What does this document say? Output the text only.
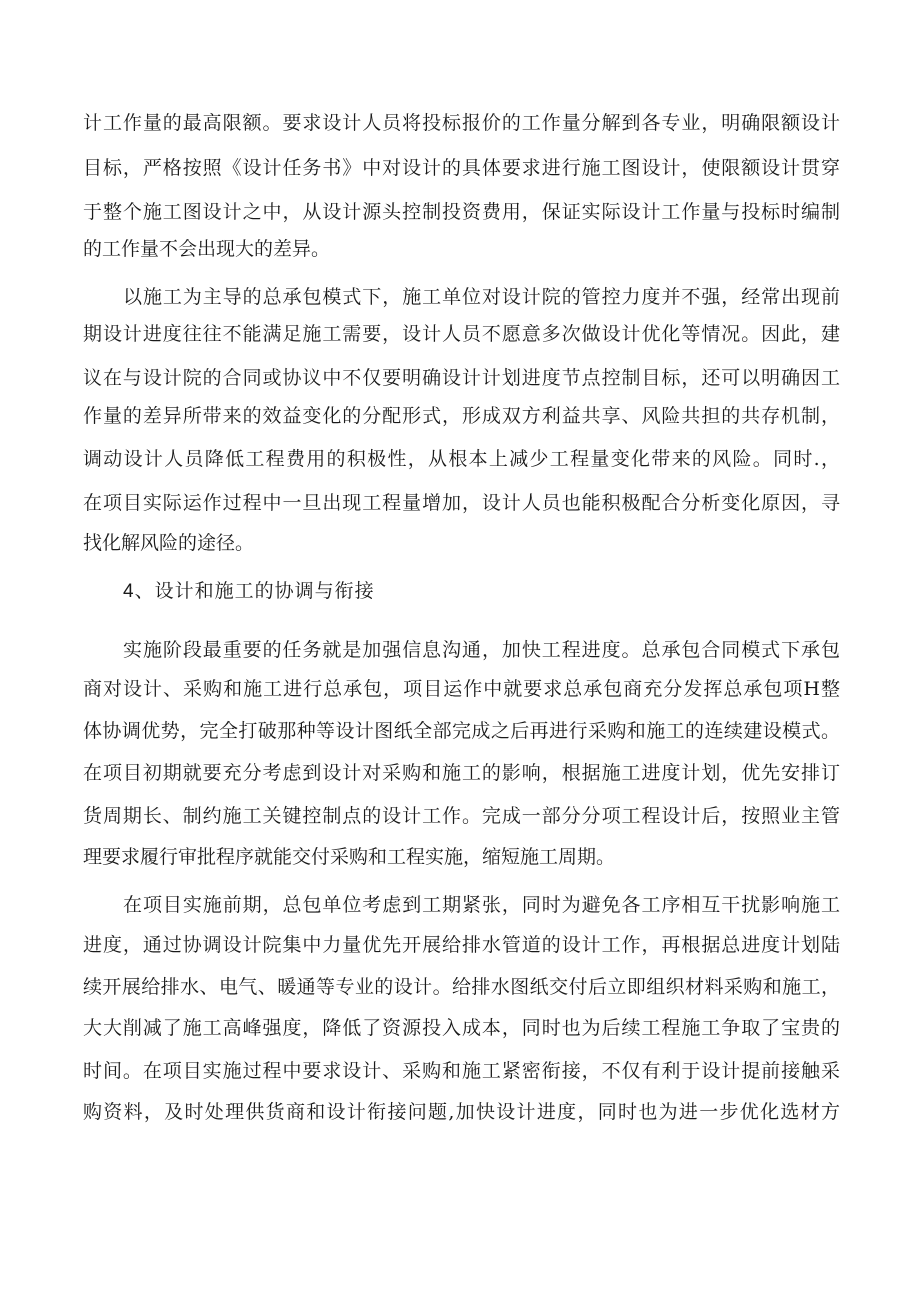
计工作量的最高限额。要求设计人员将投标报价的工作量分解到各专业，明确限额设计
目标，严格按照《设计任务书》中对设计的具体要求进行施工图设计，使限额设计贯穿
于整个施工图设计之中，从设计源头控制投资费用，保证实际设计工作量与投标时编制
的工作量不会出现大的差异。
以施工为主导的总承包模式下，施工单位对设计院的管控力度并不强，经常出现前
期设计进度往往不能满足施工需要，设计人员不愿意多次做设计优化等情况。因此，建
议在与设计院的合同或协议中不仅要明确设计计划进度节点控制目标，还可以明确因工
作量的差异所带来的效益变化的分配形式，形成双方利益共享、风险共担的共存机制，
调动设计人员降低工程费用的积极性，从根本上减少工程量变化带来的风险。同时.，
在项目实际运作过程中一旦出现工程量增加，设计人员也能积极配合分析变化原因，寻
找化解风险的途径。
4、设计和施工的协调与衔接
实施阶段最重要的任务就是加强信息沟通，加快工程进度。总承包合同模式下承包
商对设计、采购和施工进行总承包，项目运作中就要求总承包商充分发挥总承包项H整
体协调优势，完全打破那种等设计图纸全部完成之后再进行采购和施工的连续建设模式。
在项目初期就要充分考虑到设计对采购和施工的影响，根据施工进度计划，优先安排订
货周期长、制约施工关键控制点的设计工作。完成一部分分项工程设计后，按照业主管
理要求履行审批程序就能交付采购和工程实施，缩短施工周期。
在项目实施前期，总包单位考虑到工期紧张，同时为避免各工序相互干扰影响施工
进度，通过协调设计院集中力量优先开展给排水管道的设计工作，再根据总进度计划陆
续开展给排水、电气、暖通等专业的设计。给排水图纸交付后立即组织材料采购和施工，
大大削减了施工高峰强度，降低了资源投入成本，同时也为后续工程施工争取了宝贵的
时间。在项目实施过程中要求设计、采购和施工紧密衔接，不仅有利于设计提前接触采
购资料，及时处理供货商和设计衔接问题,加快设计进度，同时也为进一步优化选材方
